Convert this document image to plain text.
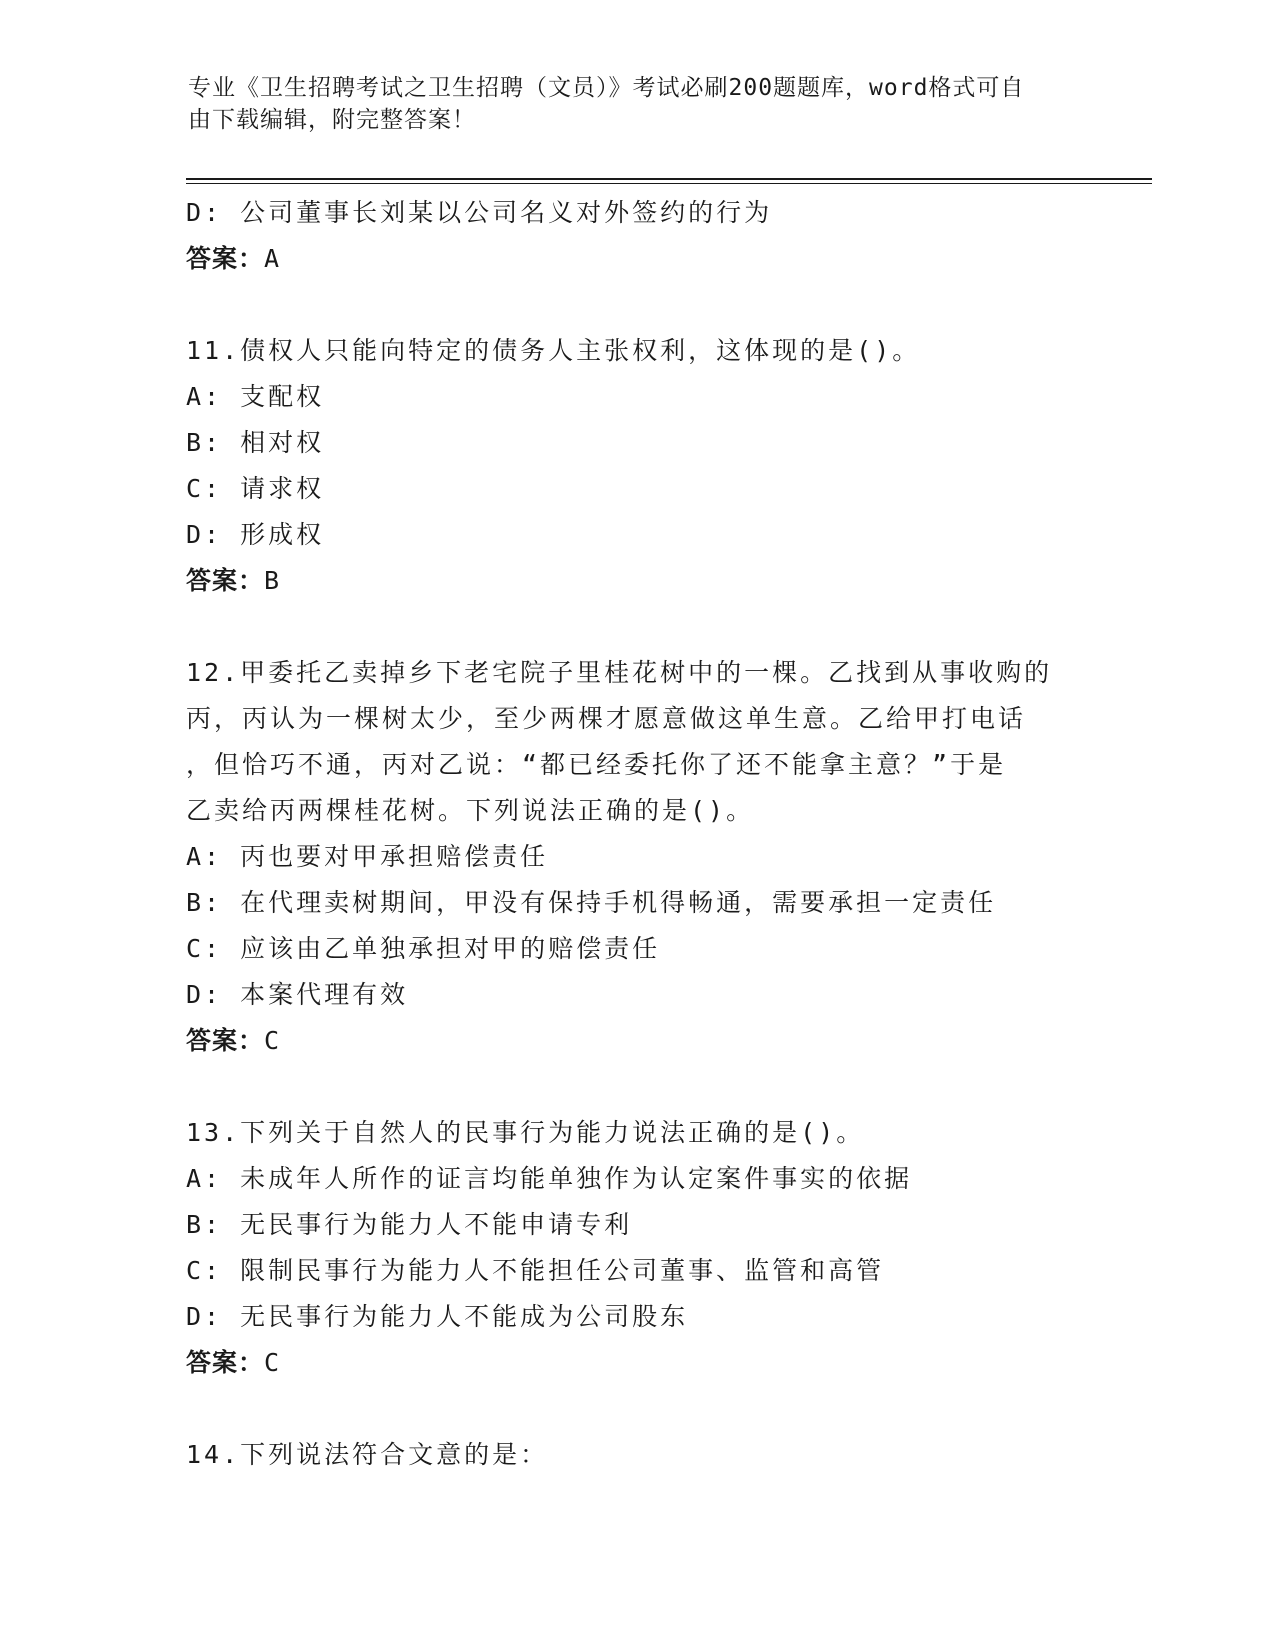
专业《卫生招聘考试之卫生招聘（文员）》考试必刷200题题库，word格式可自
由下载编辑，附完整答案！
D: 公司董事长刘某以公司名义对外签约的行为
答案：A
11.债权人只能向特定的债务人主张权利，这体现的是()。
A: 支配权
B: 相对权
C: 请求权
D: 形成权
答案：B
12.甲委托乙卖掉乡下老宅院子里桂花树中的一棵。乙找到从事收购的
丙，丙认为一棵树太少，至少两棵才愿意做这单生意。乙给甲打电话
，但恰巧不通，丙对乙说：“都已经委托你了还不能拿主意？”于是
乙卖给丙两棵桂花树。下列说法正确的是()。
A: 丙也要对甲承担赔偿责任
B: 在代理卖树期间，甲没有保持手机得畅通，需要承担一定责任
C: 应该由乙单独承担对甲的赔偿责任
D: 本案代理有效
答案：C
13.下列关于自然人的民事行为能力说法正确的是()。
A: 未成年人所作的证言均能单独作为认定案件事实的依据
B: 无民事行为能力人不能申请专利
C: 限制民事行为能力人不能担任公司董事、监管和高管
D: 无民事行为能力人不能成为公司股东
答案：C
14.下列说法符合文意的是：
